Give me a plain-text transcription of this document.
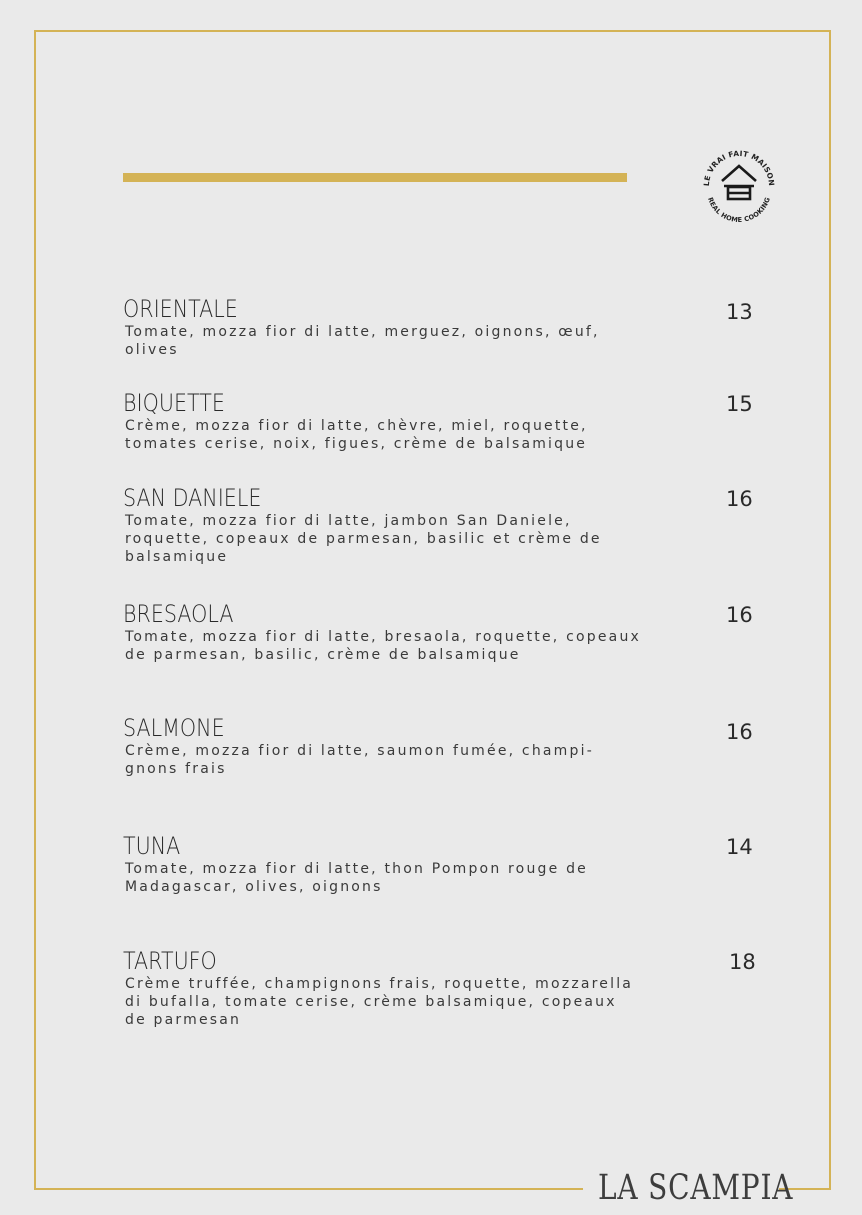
LE VRAI FAIT MAISON
REAL HOME COOKING
ORIENTALE
Tomate, mozza fior di latte, merguez, oignons, œuf, olives
13
BIQUETTE
Crème, mozza fior di latte, chèvre, miel, roquette, tomates cerise, noix, figues, crème de balsamique
15
SAN DANIELE
Tomate, mozza fior di latte, jambon San Daniele, roquette, copeaux de parmesan, basilic et crème de balsamique
16
BRESAOLA
Tomate, mozza fior di latte, bresaola, roquette, copeaux de parmesan, basilic, crème de balsamique
16
SALMONE
Crème, mozza fior di latte, saumon fumée, champi-gnons frais
16
TUNA
Tomate, mozza fior di latte, thon Pompon rouge de Madagascar, olives, oignons
14
TARTUFO
Crème truffée, champignons frais, roquette, mozzarella di bufalla, tomate cerise, crème balsamique, copeaux de parmesan
18
LA SCAMPIA
